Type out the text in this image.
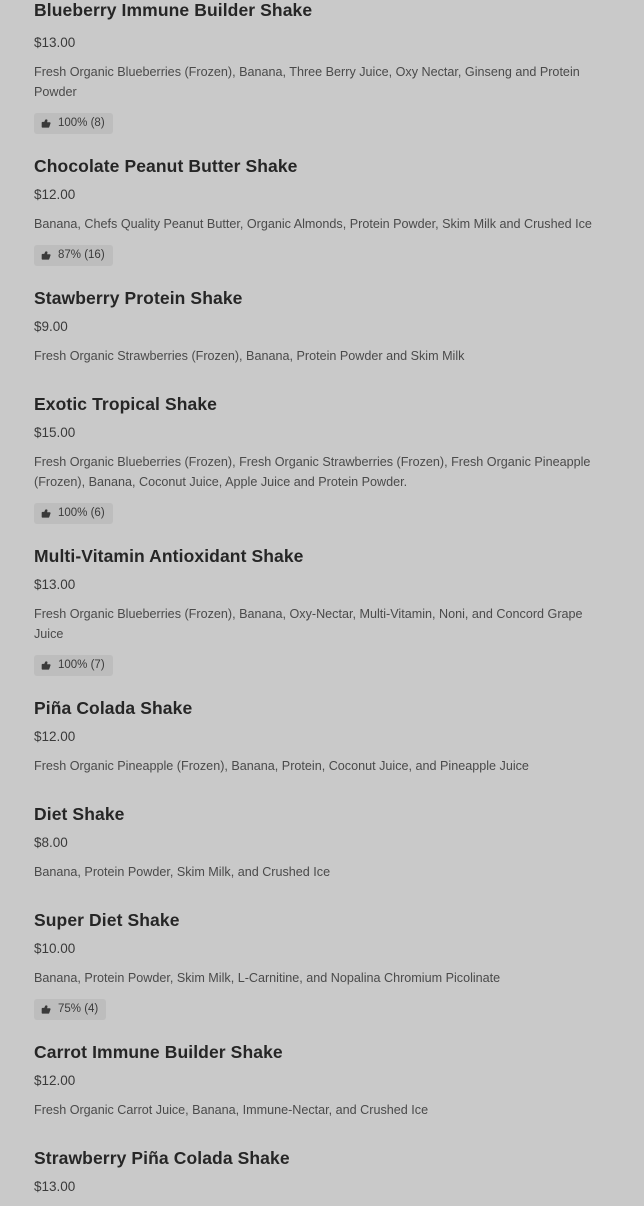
Blueberry Immune Builder Shake
$13.00
Fresh Organic Blueberries (Frozen), Banana, Three Berry Juice, Oxy Nectar, Ginseng and Protein Powder
100% (8)
Chocolate Peanut Butter Shake
$12.00
Banana, Chefs Quality Peanut Butter, Organic Almonds, Protein Powder, Skim Milk and Crushed Ice
87% (16)
Stawberry Protein Shake
$9.00
Fresh Organic Strawberries (Frozen), Banana, Protein Powder and Skim Milk
Exotic Tropical Shake
$15.00
Fresh Organic Blueberries (Frozen), Fresh Organic Strawberries (Frozen), Fresh Organic Pineapple (Frozen), Banana, Coconut Juice, Apple Juice and Protein Powder.
100% (6)
Multi-Vitamin Antioxidant Shake
$13.00
Fresh Organic Blueberries (Frozen), Banana, Oxy-Nectar, Multi-Vitamin, Noni, and Concord Grape Juice
100% (7)
Piña Colada Shake
$12.00
Fresh Organic Pineapple (Frozen), Banana, Protein, Coconut Juice, and Pineapple Juice
Diet Shake
$8.00
Banana, Protein Powder, Skim Milk, and Crushed Ice
Super Diet Shake
$10.00
Banana, Protein Powder, Skim Milk, L-Carnitine, and Nopalina Chromium Picolinate
75% (4)
Carrot Immune Builder Shake
$12.00
Fresh Organic Carrot Juice, Banana, Immune-Nectar, and Crushed Ice
Strawberry Piña Colada Shake
$13.00
